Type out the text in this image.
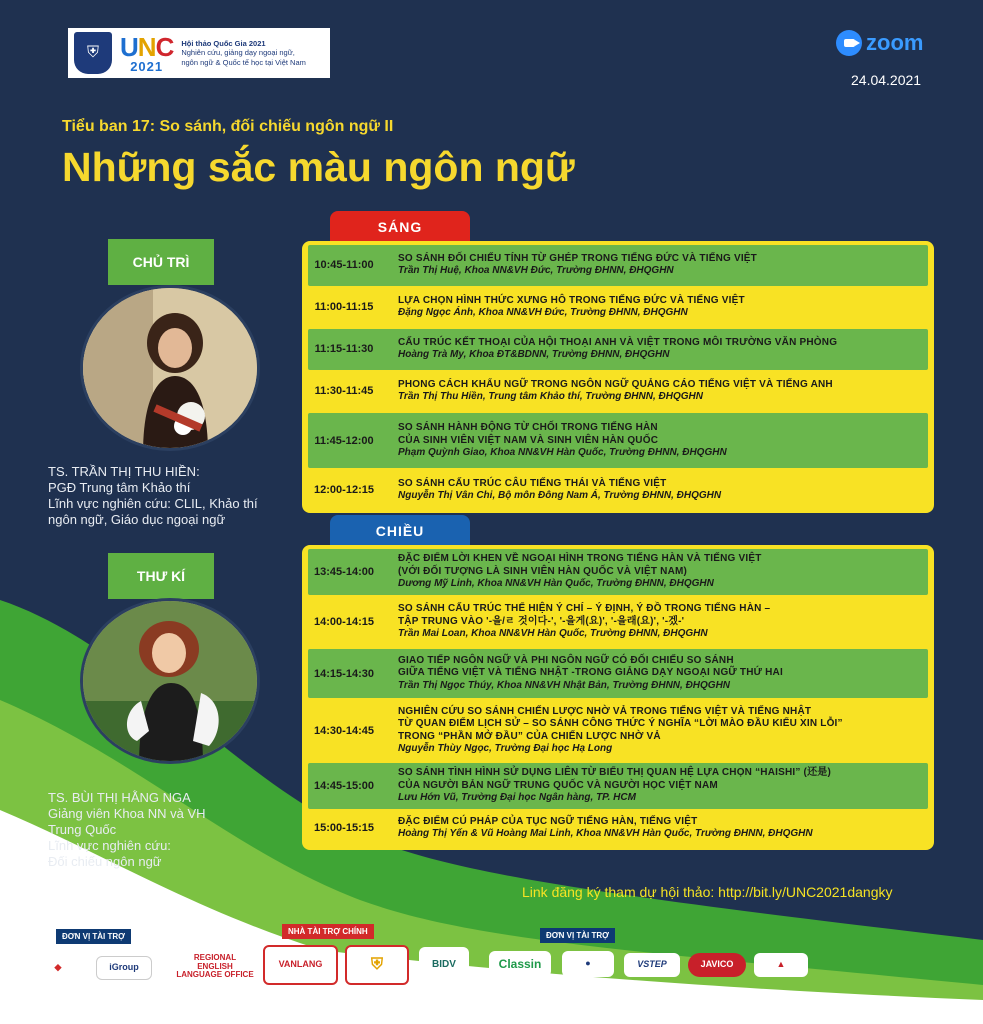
⛨ UNC
2021
Hội thảo Quốc Gia 2021
Nghiên cứu, giảng dạy ngoại ngữ,
ngôn ngữ & Quốc tế học tại Việt Nam
zoom
24.04.2021
Tiểu ban 17: So sánh, đối chiếu ngôn ngữ II
Những sắc màu ngôn ngữ
CHỦ TRÌ
TS. TRẦN THỊ THU HIỀN:
PGĐ Trung tâm Khảo thí
Lĩnh vực nghiên cứu: CLIL, Khảo thí
ngôn ngữ, Giáo dục ngoại ngữ
THƯ KÍ
TS. BÙI THỊ HẰNG NGA
Giảng viên Khoa NN và VH
Trung Quốc
Lĩnh vực nghiên cứu:
Đối chiếu ngôn ngữ
SÁNG
10:45-11:00
SO SÁNH ĐỐI CHIẾU TÍNH TỪ GHÉP TRONG TIẾNG ĐỨC VÀ TIẾNG VIỆT
Trần Thị Huệ, Khoa NN&VH Đức, Trường ĐHNN, ĐHQGHN
11:00-11:15
LỰA CHỌN HÌNH THỨC XƯNG HÔ TRONG TIẾNG ĐỨC VÀ TIẾNG VIỆT
Đặng Ngọc Ánh, Khoa NN&VH Đức, Trường ĐHNN, ĐHQGHN
11:15-11:30
CẤU TRÚC KẾT THOẠI CỦA HỘI THOẠI ANH VÀ VIỆT TRONG MÔI TRƯỜNG VĂN PHÒNG
Hoàng Trà My, Khoa ĐT&BDNN, Trường ĐHNN, ĐHQGHN
11:30-11:45
PHONG CÁCH KHẨU NGỮ TRONG NGÔN NGỮ QUẢNG CÁO TIẾNG VIỆT VÀ TIẾNG ANH
Trần Thị Thu Hiền, Trung tâm Khảo thí, Trường ĐHNN, ĐHQGHN
11:45-12:00
SO SÁNH HÀNH ĐỘNG TỪ CHỐI TRONG TIẾNG HÀN
CỦA SINH VIÊN VIỆT NAM VÀ SINH VIÊN HÀN QUỐC
Phạm Quỳnh Giao, Khoa NN&VH Hàn Quốc, Trường ĐHNN, ĐHQGHN
12:00-12:15
SO SÁNH CẤU TRÚC CÂU TIẾNG THÁI VÀ TIẾNG VIỆT
Nguyễn Thị Vân Chi, Bộ môn Đông Nam Á, Trường ĐHNN, ĐHQGHN
CHIỀU
13:45-14:00
ĐẶC ĐIỂM LỜI KHEN VỀ NGOẠI HÌNH TRONG TIẾNG HÀN VÀ TIẾNG VIỆT
(VỚI ĐỐI TƯỢNG LÀ SINH VIÊN HÀN QUỐC VÀ VIỆT NAM)
Dương Mỹ Linh, Khoa NN&VH Hàn Quốc, Trường ĐHNN, ĐHQGHN
14:00-14:15
SO SÁNH CẤU TRÚC THỂ HIỆN Ý CHÍ – Ý ĐỊNH, Ý ĐỒ TRONG TIẾNG HÀN –
TẬP TRUNG VÀO '-을/ㄹ 것이다-', '-을게(요)', '-을래(요)', '-겠-'
Trần Mai Loan, Khoa NN&VH Hàn Quốc, Trường ĐHNN, ĐHQGHN
14:15-14:30
GIAO TIẾP NGÔN NGỮ VÀ PHI NGÔN NGỮ CÓ ĐỐI CHIẾU SO SÁNH
GIỮA TIẾNG VIỆT VÀ TIẾNG NHẬT -TRONG GIẢNG DẠY NGOẠI NGỮ THỨ HAI
Trần Thị Ngọc Thúy, Khoa NN&VH Nhật Bản, Trường ĐHNN, ĐHQGHN
14:30-14:45
NGHIÊN CỨU SO SÁNH CHIẾN LƯỢC NHỜ VẢ TRONG TIẾNG VIỆT VÀ TIẾNG NHẬT
TỪ QUAN ĐIỂM LỊCH SỬ – SO SÁNH CÔNG THỨC Ý NGHĨA “LỜI MÀO ĐẦU KIỂU XIN LỖI”
TRONG “PHẦN MỞ ĐẦU” CỦA CHIẾN LƯỢC NHỜ VẢ
Nguyễn Thùy Ngọc, Trường Đại học Hạ Long
14:45-15:00
SO SÁNH TÌNH HÌNH SỬ DỤNG LIÊN TỪ BIỂU THỊ QUAN HỆ LỰA CHỌN “HAISHI” (还是)
CỦA NGƯỜI BẢN NGỮ TRUNG QUỐC VÀ NGƯỜI HỌC VIỆT NAM
Lưu Hớn Vũ, Trường Đại học Ngân hàng, TP. HCM
15:00-15:15
ĐẶC ĐIỂM CÚ PHÁP CỦA TỤC NGỮ TIẾNG HÀN, TIẾNG VIỆT
Hoàng Thị Yến & Vũ Hoàng Mai Linh, Khoa NN&VH Hàn Quốc, Trường ĐHNN, ĐHQGHN
Link đăng ký tham dự hội thảo: http://bit.ly/UNC2021dangky
ĐƠN VỊ TÀI TRỢ
NHÀ TÀI TRỢ CHÍNH	ĐƠN VỊ TÀI TRỢ
◆	iGroup
REGIONAL ENGLISH LANGUAGE OFFICE
VANLANG	⛨	BIDV	Classin	●	VSTEP	JAVICO	▲
